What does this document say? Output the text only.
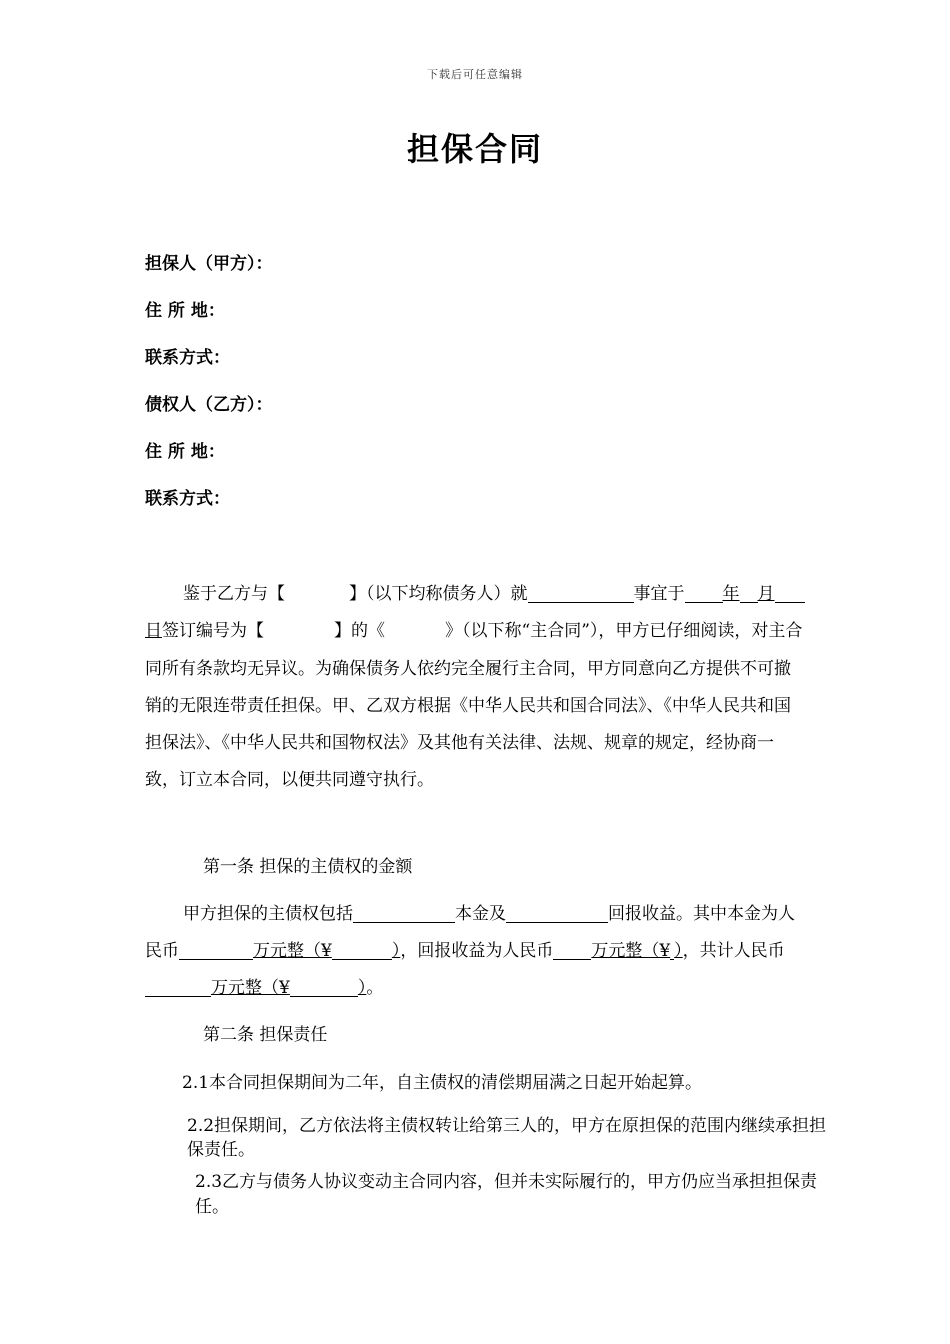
下载后可任意编辑
担保合同
担保人（甲方）：
住 所 地：
联系方式：
债权人（乙方）：
住 所 地：
联系方式：
鉴于乙方与【	】（以下均称债务人）就	事宜于 年 月日签订编号为【	】的《	》（以下称“主合同”），甲方已仔细阅读，对主合同所有条款均无异议。为确保债务人依约完全履行主合同，甲方同意向乙方提供不可撤销的无限连带责任担保。甲、乙双方根据《中华人民共和国合同法》、《中华人民共和国担保法》、《中华人民共和国物权法》及其他有关法律、法规、规章的规定，经协商一致，订立本合同，以便共同遵守执行。
第一条 担保的主债权的金额
甲方担保的主债权包括	本金及	回报收益。其中本金为人民币	万元整（¥	），回报收益为人民币 万元整（¥ ），共计人民币万元整（¥	）。
第二条 担保责任
2.1本合同担保期间为二年，自主债权的清偿期届满之日起开始起算。
2.2担保期间，乙方依法将主债权转让给第三人的，甲方在原担保的范围内继续承担担保责任。
2.3乙方与债务人协议变动主合同内容，但并未实际履行的，甲方仍应当承担担保责任。
